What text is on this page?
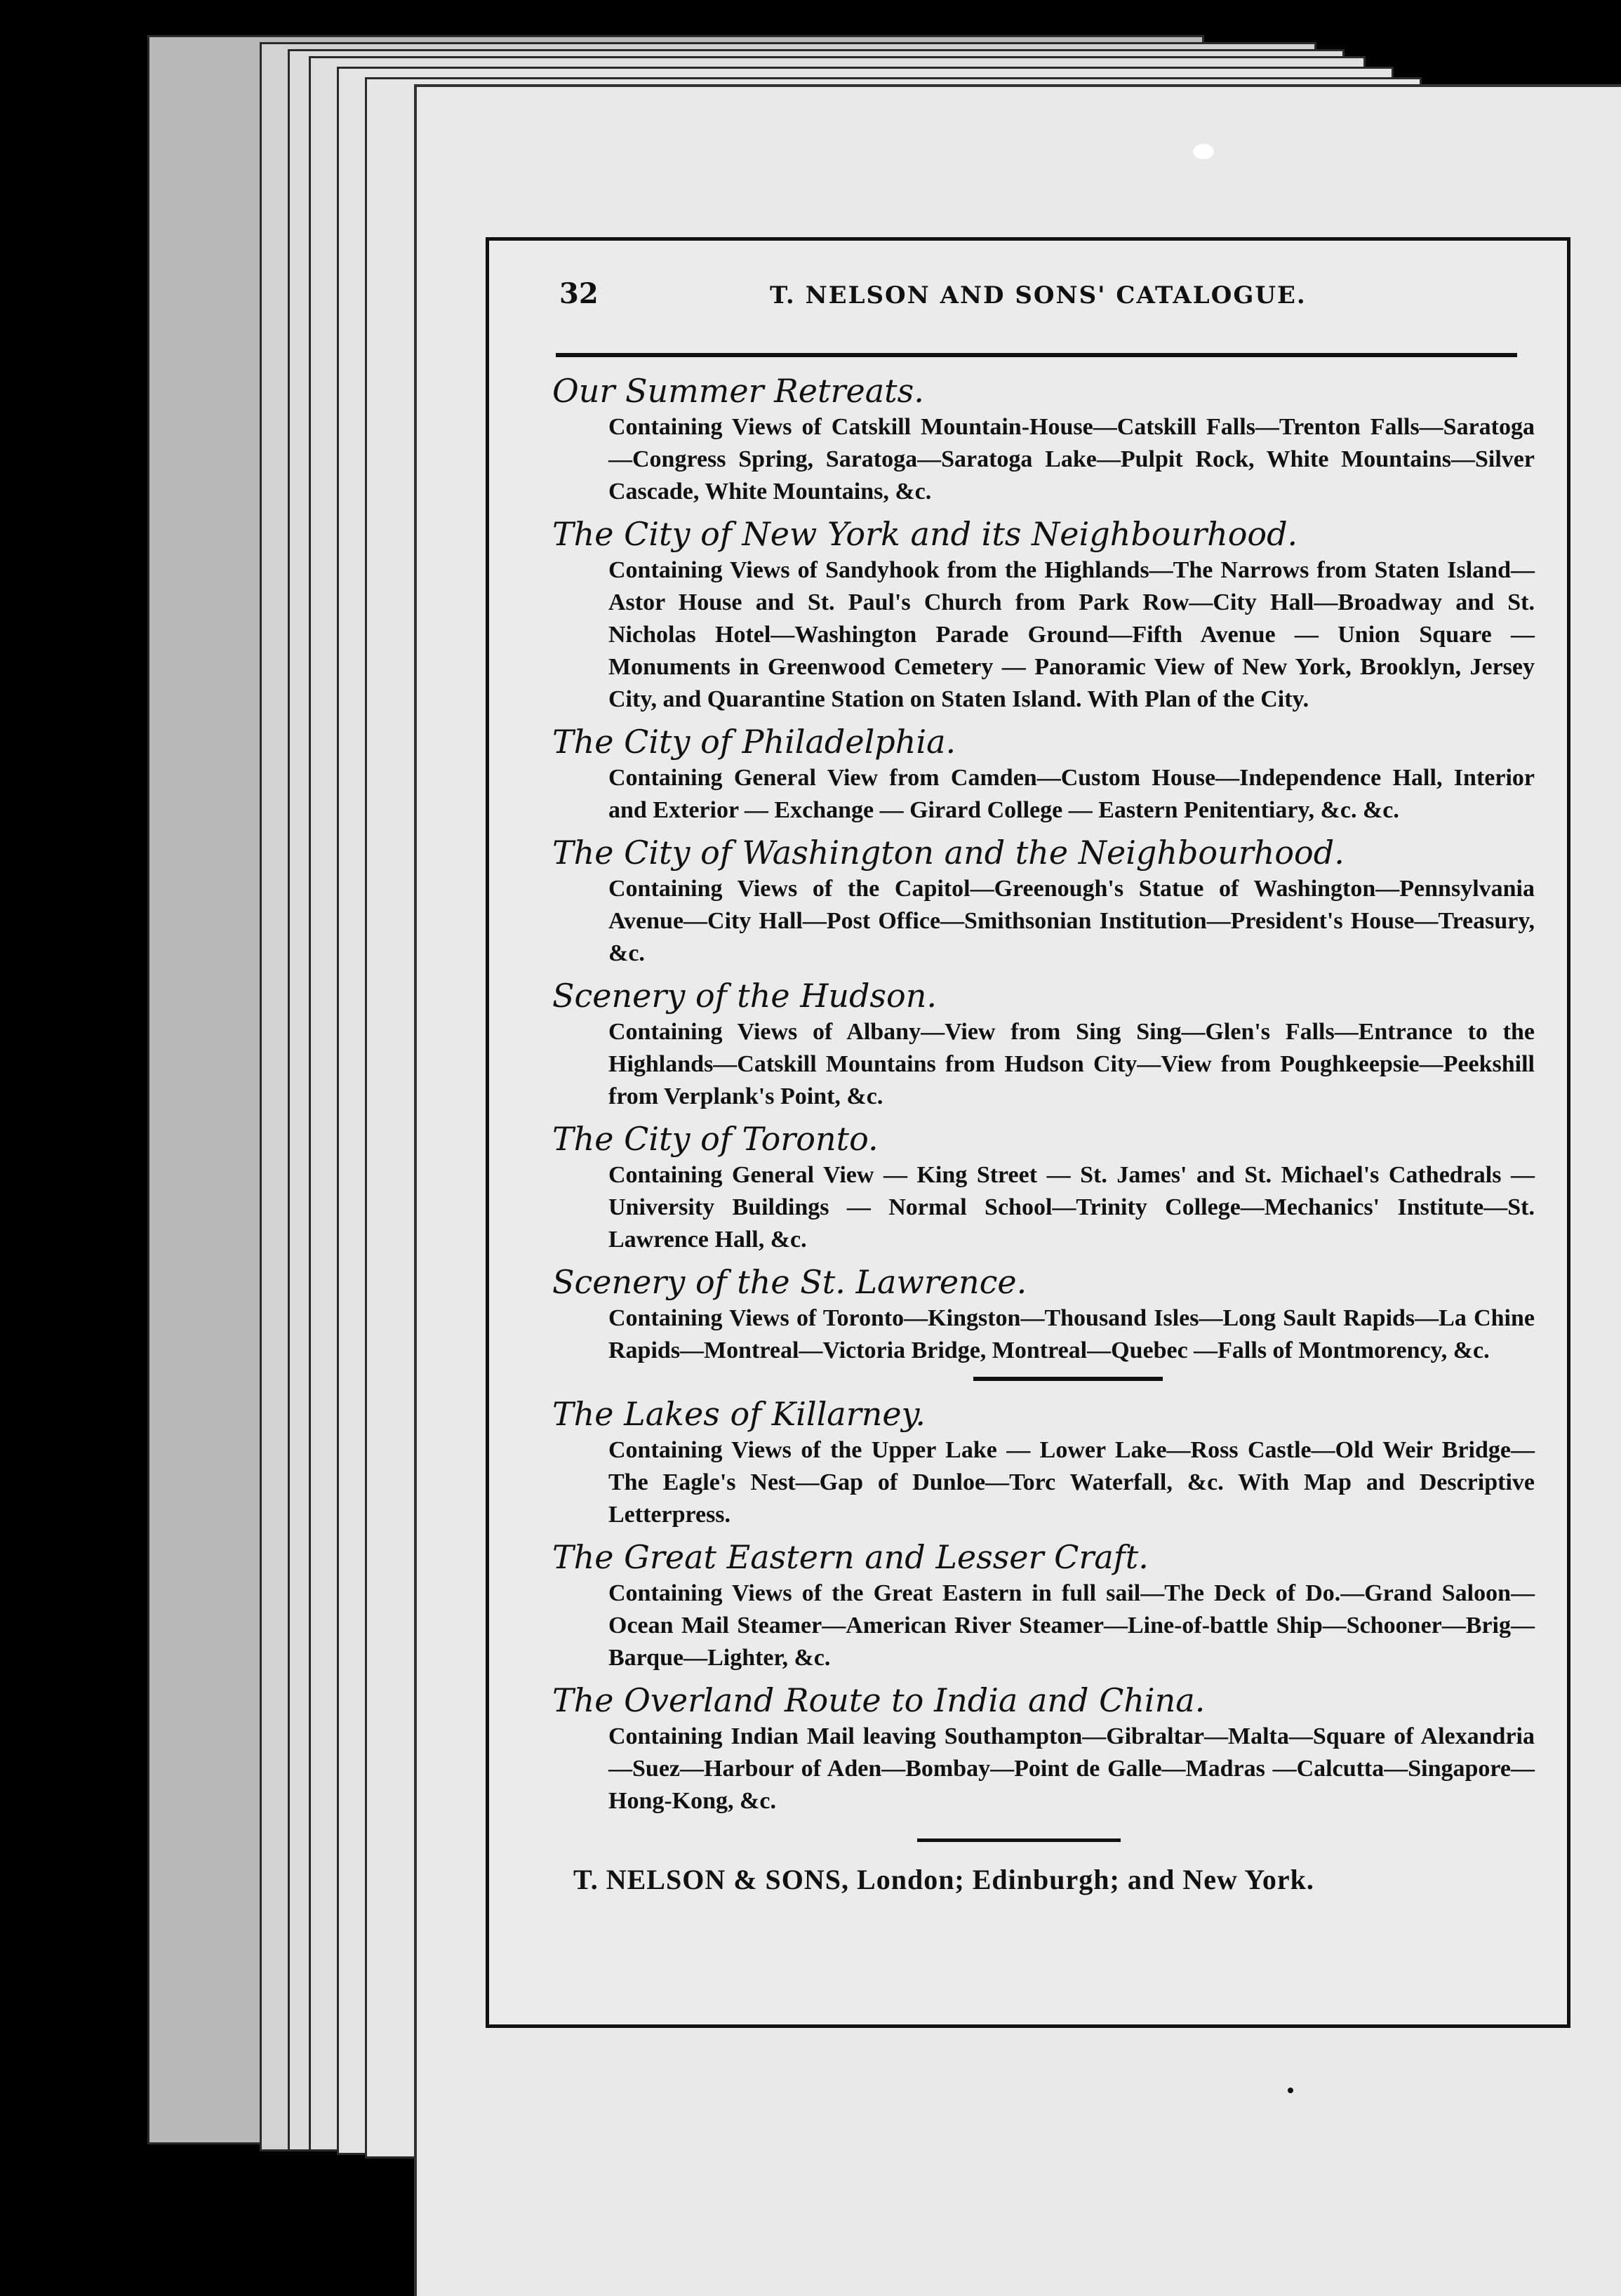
32	T. NELSON AND SONS' CATALOGUE.

Our Summer Retreats.

Containing Views of Catskill Mountain-House—Catskill Falls—Trenton Falls—Saratoga—Congress Spring, Saratoga—Saratoga Lake—Pulpit Rock, White Mountains—Silver Cascade, White Mountains, &c.

The City of New York and its Neighbourhood.

Containing Views of Sandyhook from the Highlands—The Narrows from Staten Island—Astor House and St. Paul's Church from Park Row—City Hall—Broadway and St. Nicholas Hotel—Washington Parade Ground—Fifth Avenue — Union Square — Monuments in Greenwood Cemetery — Panoramic View of New York, Brooklyn, Jersey City, and Quarantine Station on Staten Island. With Plan of the City.

The City of Philadelphia.

Containing General View from Camden—Custom House—Independence Hall, Interior and Exterior — Exchange — Girard College — Eastern Penitentiary, &c. &c.

The City of Washington and the Neighbourhood.

Containing Views of the Capitol—Greenough's Statue of Washington—Pennsylvania Avenue—City Hall—Post Office—Smithsonian Institution—President's House—Treasury, &c.

Scenery of the Hudson.

Containing Views of Albany—View from Sing Sing—Glen's Falls—Entrance to the Highlands—Catskill Mountains from Hudson City—View from Poughkeepsie—Peekshill from Verplank's Point, &c.

The City of Toronto.

Containing General View — King Street — St. James' and St. Michael's Cathedrals — University Buildings — Normal School—Trinity College—Mechanics' Institute—St. Lawrence Hall, &c.

Scenery of the St. Lawrence.

Containing Views of Toronto—Kingston—Thousand Isles—Long Sault Rapids—La Chine Rapids—Montreal—Victoria Bridge, Montreal—Quebec —Falls of Montmorency, &c.

The Lakes of Killarney.

Containing Views of the Upper Lake — Lower Lake—Ross Castle—Old Weir Bridge—The Eagle's Nest—Gap of Dunloe—Torc Waterfall, &c. With Map and Descriptive Letterpress.

The Great Eastern and Lesser Craft.

Containing Views of the Great Eastern in full sail—The Deck of Do.—Grand Saloon—Ocean Mail Steamer—American River Steamer—Line-of-battle Ship—Schooner—Brig—Barque—Lighter, &c.

The Overland Route to India and China.

Containing Indian Mail leaving Southampton—Gibraltar—Malta—Square of Alexandria—Suez—Harbour of Aden—Bombay—Point de Galle—Madras —Calcutta—Singapore—Hong-Kong, &c.

T. NELSON & SONS, London; Edinburgh; and New York.
